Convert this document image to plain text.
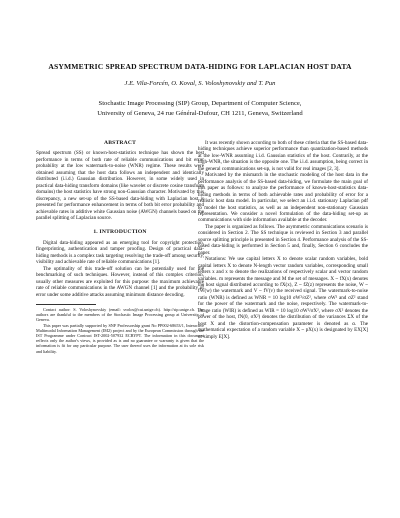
ASYMMETRIC SPREAD SPECTRUM DATA-HIDING FOR LAPLACIAN HOST DATA
J.E. Vila-Forcén, O. Koval, S. Voloshynovskiy and T. Pun
Stochastic Image Processing (SIP) Group, Department of Computer Science,
University of Geneva, 24 rue Général-Dufour, CH 1211, Geneva, Switzerland
ABSTRACT

Spread spectrum (SS) or known-host-statistics technique has shown the best performance in terms of both rate of reliable communications and bit error probability at the low watermark-to-noise (WNR) regime. These results were obtained assuming that the host data follows an independent and identically distributed (i.i.d.) Gaussian distribution. However, in some widely used in practical data-hiding transform domains (like wavelet or discrete cosine transform domains) the host statistics have strong non-Gaussian character. Motivated by this discrepancy, a new set-up of the SS-based data-hiding with Laplacian host is presented for performance enhancement in terms of both bit error probability and achievable rates in additive white Gaussian noise (AWGN) channels based on the parallel splitting of Laplacian source.

1. INTRODUCTION

Digital data-hiding appeared as an emerging tool for copyright protection, fingerprinting, authentication and tamper proofing. Design of practical data-hiding methods is a complex task targeting resolving the trade-off among security, visibility and achievable rate of reliable communications [1].

The optimality of this trade-off solution can be potentially used for the benchmarking of such techniques. However, instead of this complex criterion, usually other measures are exploited for this purpose: the maximum achievable rate of reliable communications in the AWGN channel [1] and the probability of error under some additive attacks assuming minimum distance decoding.

Contact author: S. Voloshynovskiy (email: svolos@cui.unige.ch). http://sip.unige.ch. The authors are thankful to the members of the Stochastic Image Processing group at University of Geneva.

This paper was partially supported by SNF Professorship grant No PP002-68653/1, Interactive Multimodal Information Management (IM2) project and by the European Commission through the IST Programme under Contract IST-2002-507932 ECRYPT. The information in this document reflects only the author's views, is provided as is and no guarantee or warranty is given that the information is fit for any particular purpose. The user thereof uses the information at its sole risk and liability.

It was recently shown according to both of these criteria that the SS-based data-hiding techniques achieve superior performance than quantization-based methods at the low-WNR assuming i.i.d. Gaussian statistics of the host. Contrarily, at the high-WNR, the situation is the opposite one. The i.i.d. assumption, being correct in the general communications set-up, is not valid for real images [2, 3].

Motivated by the mismatch in the stochastic modeling of the host data in the performance analysis of the SS-based data-hiding, we formulate the main goal of this paper as follows: to analyze the performance of known-host-statistics data-hiding methods in terms of both achievable rates and probability of error for a realistic host data model. In particular, we select an i.i.d. stationary Laplacian pdf to model the host statistics, as well as an independent non-stationary Gaussian representation. We consider a novel formulation of the data-hiding set-up as communications with side information available at the decoder.

The paper is organized as follows. The asymmetric communications scenario is considered in Section 2. The SS technique is reviewed in Section 3 and parallel source splitting principle is presented in Section 4. Performance analysis of the SS-based data-hiding is performed in Section 5 and, finally, Section 6 concludes the paper.

Notations: We use capital letters X to denote scalar random variables, bold capital letters X to denote N-length vector random variables, corresponding small letters x and x to denote the realizations of respectively scalar and vector random variables. m represents the message and M the set of messages. X ~ fX(x) denotes the host signal distributed according to fX(x), Z ~ fZ(z) represents the noise, W ~ fW(w) the watermark and V ~ fV(v) the received signal. The watermark-to-noise ratio (WNR) is defined as WNR = 10 log10 σW²/σZ², where σW² and σZ² stand for the power of the watermark and the noise, respectively. The watermark-to-image ratio (WIR) is defined as WIR = 10 log10 σW²/σX², where σX² denotes the power of the host, fN(0, σX²) denotes the distribution of the variances ΣX of the host X and the distortion-compensation parameter is denoted as α. The mathematical expectation of a random variable X ~ pX(x) is designated by EX[X] or simply E[X].
